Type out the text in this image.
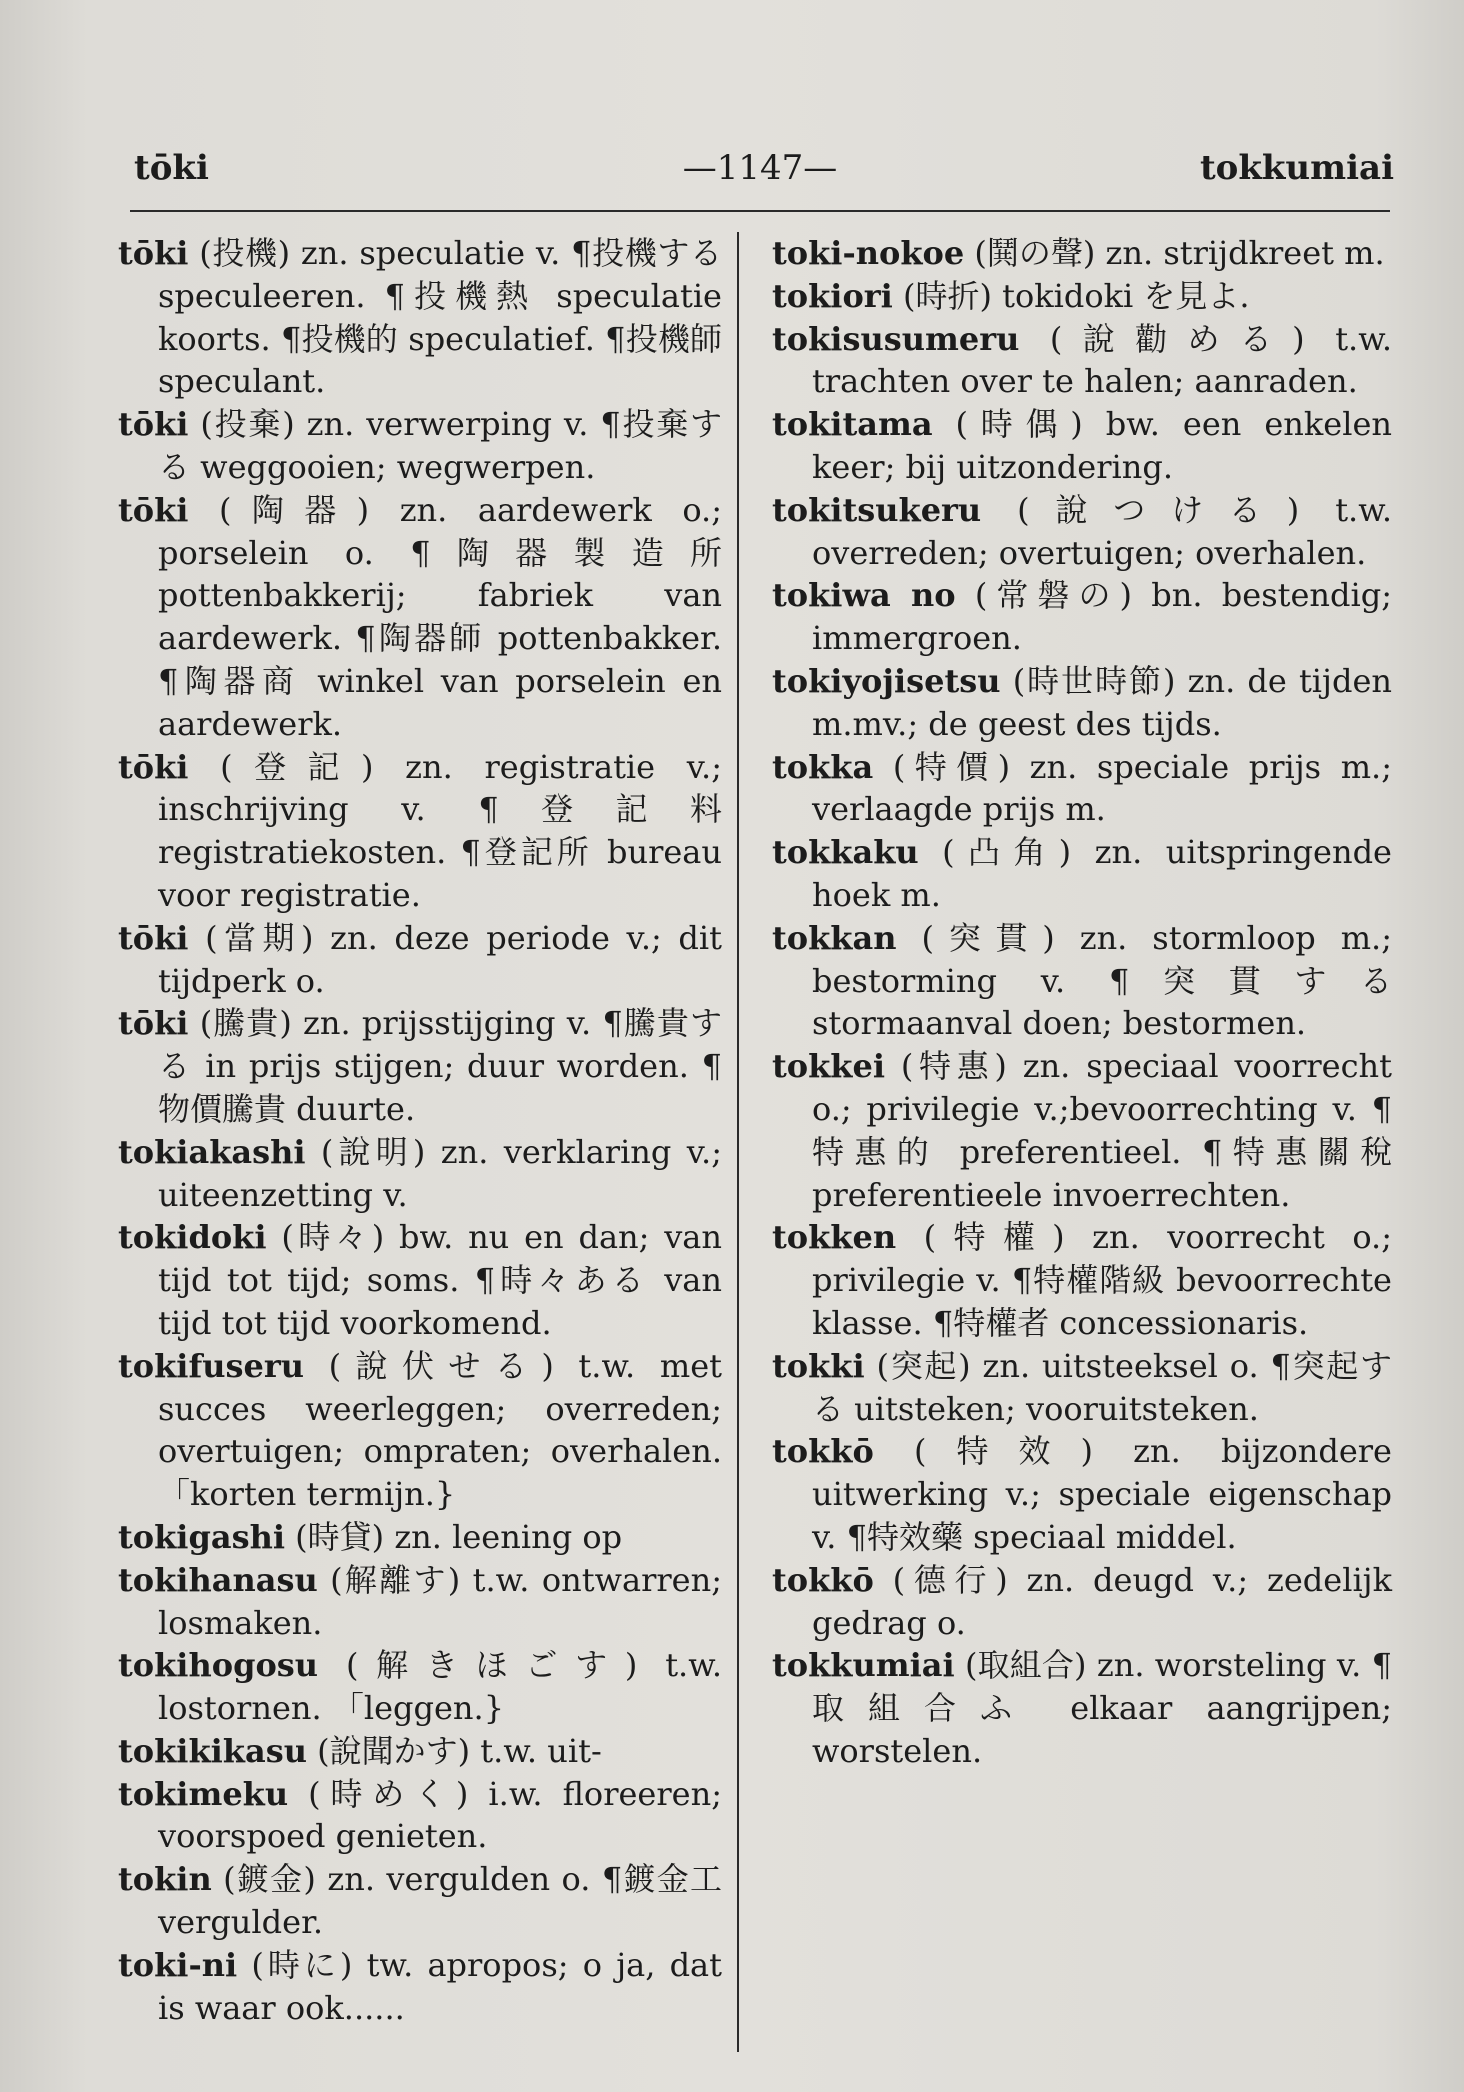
tōki	—1147—	tokkumiai

tōki (投機) zn. speculatie v. ¶投機する speculeeren. ¶投機熱 speculatie koorts. ¶投機的 speculatief. ¶投機師 speculant.

tōki (投棄) zn. verwerping v. ¶投棄する weggooien; wegwerpen.

tōki (陶器) zn. aardewerk o.; porselein o. ¶陶器製造所 pottenbakkerij; fabriek van aardewerk. ¶陶器師 pottenbakker. ¶陶器商 winkel van porselein en aardewerk.

tōki (登記) zn. registratie v.; inschrijving v. ¶登記料 registratiekosten. ¶登記所 bureau voor registratie.

tōki (當期) zn. deze periode v.; dit tijdperk o.

tōki (騰貴) zn. prijsstijging v. ¶騰貴する in prijs stijgen; duur worden. ¶物價騰貴 duurte.

tokiakashi (說明) zn. verklaring v.; uiteenzetting v.

tokidoki (時々) bw. nu en dan; van tijd tot tijd; soms. ¶時々ある van tijd tot tijd voorkomend.

tokifuseru (說伏せる) t.w. met succes weerleggen; overreden; overtuigen; ompraten; overhalen. 「korten termijn.}

tokigashi (時貸) zn. leening op

tokihanasu (解離す) t.w. ontwarren; losmaken.

tokihogosu (解きほごす) t.w. lostornen. 「leggen.}

tokikikasu (說聞かす) t.w. uit-

tokimeku (時めく) i.w. floreeren; voorspoed genieten.

tokin (鍍金) zn. vergulden o. ¶鍍金工 vergulder.

toki-ni (時に) tw. apropos; o ja, dat is waar ook......

toki-nokoe (鬨の聲) zn. strijdkreet m.

tokiori (時折) tokidoki を見よ.

tokisusumeru (說勸める) t.w. trachten over te halen; aanraden.

tokitama (時偶) bw. een enkelen keer; bij uitzondering.

tokitsukeru (說つける) t.w. overreden; overtuigen; overhalen.

tokiwa no (常磐の) bn. bestendig; immergroen.

tokiyojisetsu (時世時節) zn. de tijden m.mv.; de geest des tijds.

tokka (特價) zn. speciale prijs m.; verlaagde prijs m.

tokkaku (凸角) zn. uitspringende hoek m.

tokkan (突貫) zn. stormloop m.; bestorming v. ¶突貫する stormaanval doen; bestormen.

tokkei (特惠) zn. speciaal voorrecht o.; privilegie v.;bevoorrechting v. ¶特惠的 preferentieel. ¶特惠關稅 preferentieele invoerrechten.

tokken (特權) zn. voorrecht o.; privilegie v. ¶特權階級 bevoorrechte klasse. ¶特權者 concessionaris.

tokki (突起) zn. uitsteeksel o. ¶突起する uitsteken; vooruitsteken.

tokkō (特效) zn. bijzondere uitwerking v.; speciale eigenschap v. ¶特效藥 speciaal middel.

tokkō (德行) zn. deugd v.; zedelijk gedrag o.

tokkumiai (取組合) zn. worsteling v. ¶取組合ふ elkaar aangrijpen; worstelen.
